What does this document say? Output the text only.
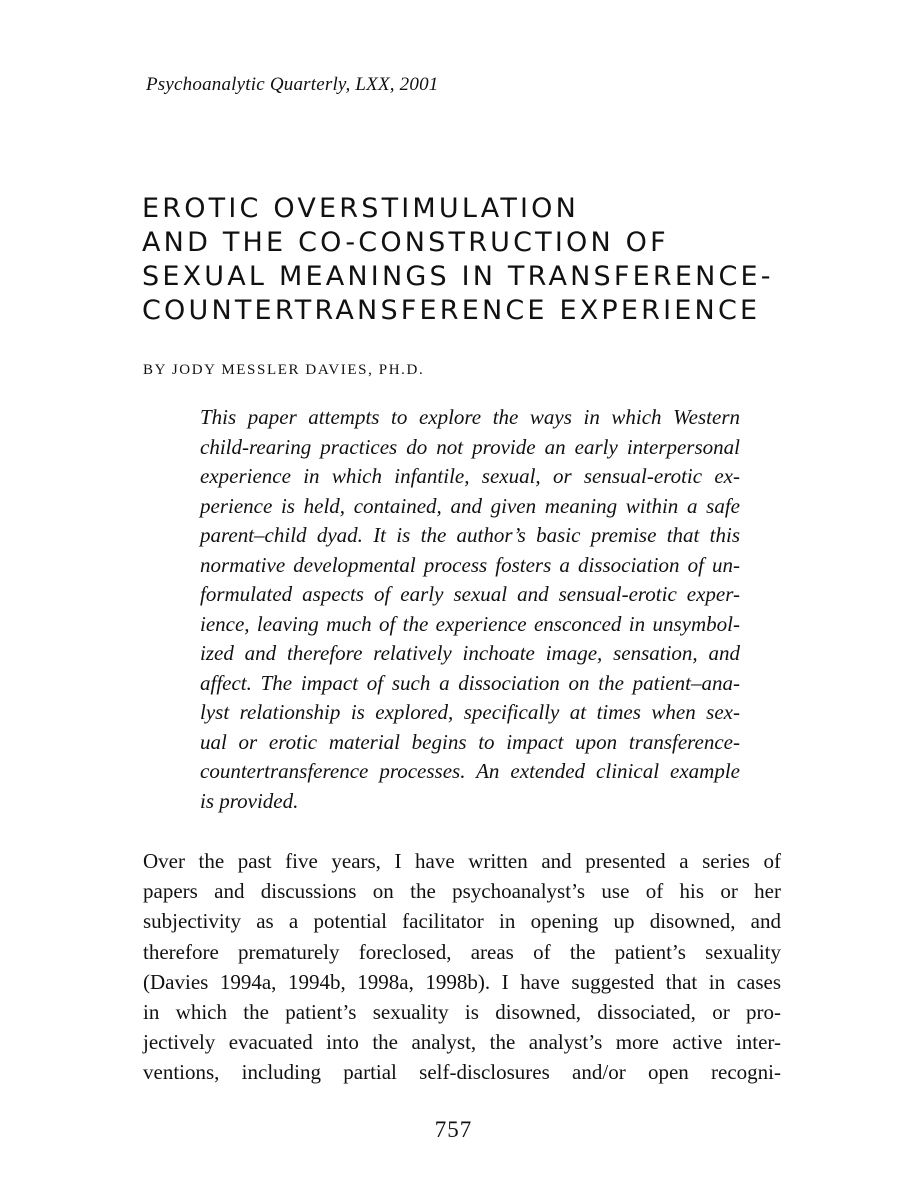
Psychoanalytic Quarterly, LXX, 2001
EROTIC OVERSTIMULATION
AND THE CO-CONSTRUCTION OF
SEXUAL MEANINGS IN TRANSFERENCE-
COUNTERTRANSFERENCE EXPERIENCE
BY JODY MESSLER DAVIES, PH.D.
This paper attempts to explore the ways in which Western
child-rearing practices do not provide an early interpersonal
experience in which infantile, sexual, or sensual-erotic ex-
perience is held, contained, and given meaning within a safe
parent–child dyad. It is the author’s basic premise that this
normative developmental process fosters a dissociation of un-
formulated aspects of early sexual and sensual-erotic exper-
ience, leaving much of the experience ensconced in unsymbol-
ized and therefore relatively inchoate image, sensation, and
affect. The impact of such a dissociation on the patient–ana-
lyst relationship is explored, specifically at times when sex-
ual or erotic material begins to impact upon transference-
countertransference processes. An extended clinical example
is provided.
Over the past five years, I have written and presented a series of
papers and discussions on the psychoanalyst’s use of his or her
subjectivity as a potential facilitator in opening up disowned, and
therefore prematurely foreclosed, areas of the patient’s sexuality
(Davies 1994a, 1994b, 1998a, 1998b). I have suggested that in cases
in which the patient’s sexuality is disowned, dissociated, or pro-
jectively evacuated into the analyst, the analyst’s more active inter-
ventions, including partial self-disclosures and/or open recogni-
757
